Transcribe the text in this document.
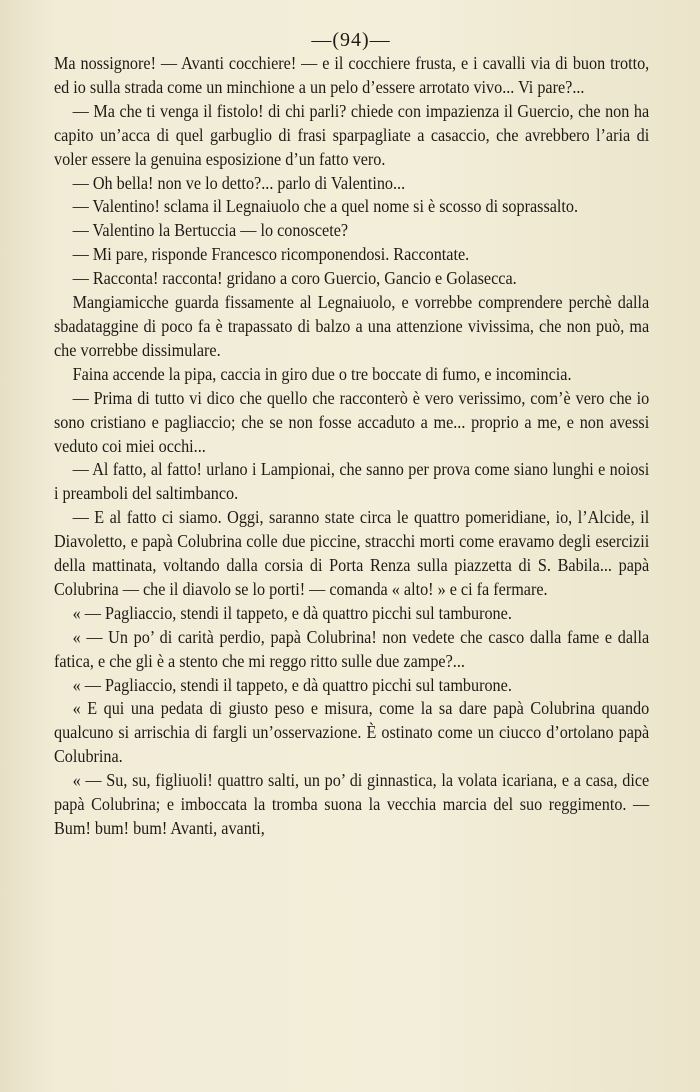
—(94)—

Ma nossignore! — Avanti cocchiere! — e il cocchiere frusta, e i cavalli via di buon trotto, ed io sulla strada come un minchione a un pelo d’essere arrotato vivo... Vi pare?...

— Ma che ti venga il fistolo! di chi parli? chiede con impazienza il Guercio, che non ha capito un’acca di quel garbuglio di frasi sparpagliate a casaccio, che avrebbero l’aria di voler essere la genuina esposizione d’un fatto vero.

— Oh bella! non ve lo detto?... parlo di Valentino...

— Valentino! sclama il Legnaiuolo che a quel nome si è scosso di soprassalto.

— Valentino la Bertuccia — lo conoscete?

— Mi pare, risponde Francesco ricomponendosi. Raccontate.

— Racconta! racconta! gridano a coro Guercio, Gancio e Golasecca.

Mangiamicche guarda fissamente al Legnaiuolo, e vorrebbe comprendere perchè dalla sbadataggine di poco fa è trapassato di balzo a una attenzione vivissima, che non può, ma che vorrebbe dissimulare.

Faina accende la pipa, caccia in giro due o tre boccate di fumo, e incomincia.

— Prima di tutto vi dico che quello che racconterò è vero verissimo, com’è vero che io sono cristiano e pagliaccio; che se non fosse accaduto a me... proprio a me, e non avessi veduto coi miei occhi...

— Al fatto, al fatto! urlano i Lampionai, che sanno per prova come siano lunghi e noiosi i preamboli del saltimbanco.

— E al fatto ci siamo. Oggi, saranno state circa le quattro pomeridiane, io, l’Alcide, il Diavoletto, e papà Colubrina colle due piccine, stracchi morti come eravamo degli esercizii della mattinata, voltando dalla corsia di Porta Renza sulla piazzetta di S. Babila... papà Colubrina — che il diavolo se lo porti! — comanda « alto! » e ci fa fermare.

« — Pagliaccio, stendi il tappeto, e dà quattro picchi sul tamburone.

« — Un po’ di carità perdio, papà Colubrina! non vedete che casco dalla fame e dalla fatica, e che gli è a stento che mi reggo ritto sulle due zampe?...

« — Pagliaccio, stendi il tappeto, e dà quattro picchi sul tamburone.

« E qui una pedata di giusto peso e misura, come la sa dare papà Colubrina quando qualcuno si arrischia di fargli un’osservazione. È ostinato come un ciucco d’ortolano papà Colubrina.

« — Su, su, figliuoli! quattro salti, un po’ di ginnastica, la volata icariana, e a casa, dice papà Colubrina; e imboccata la tromba suona la vecchia marcia del suo reggimento. — Bum! bum! bum! Avanti, avanti,
